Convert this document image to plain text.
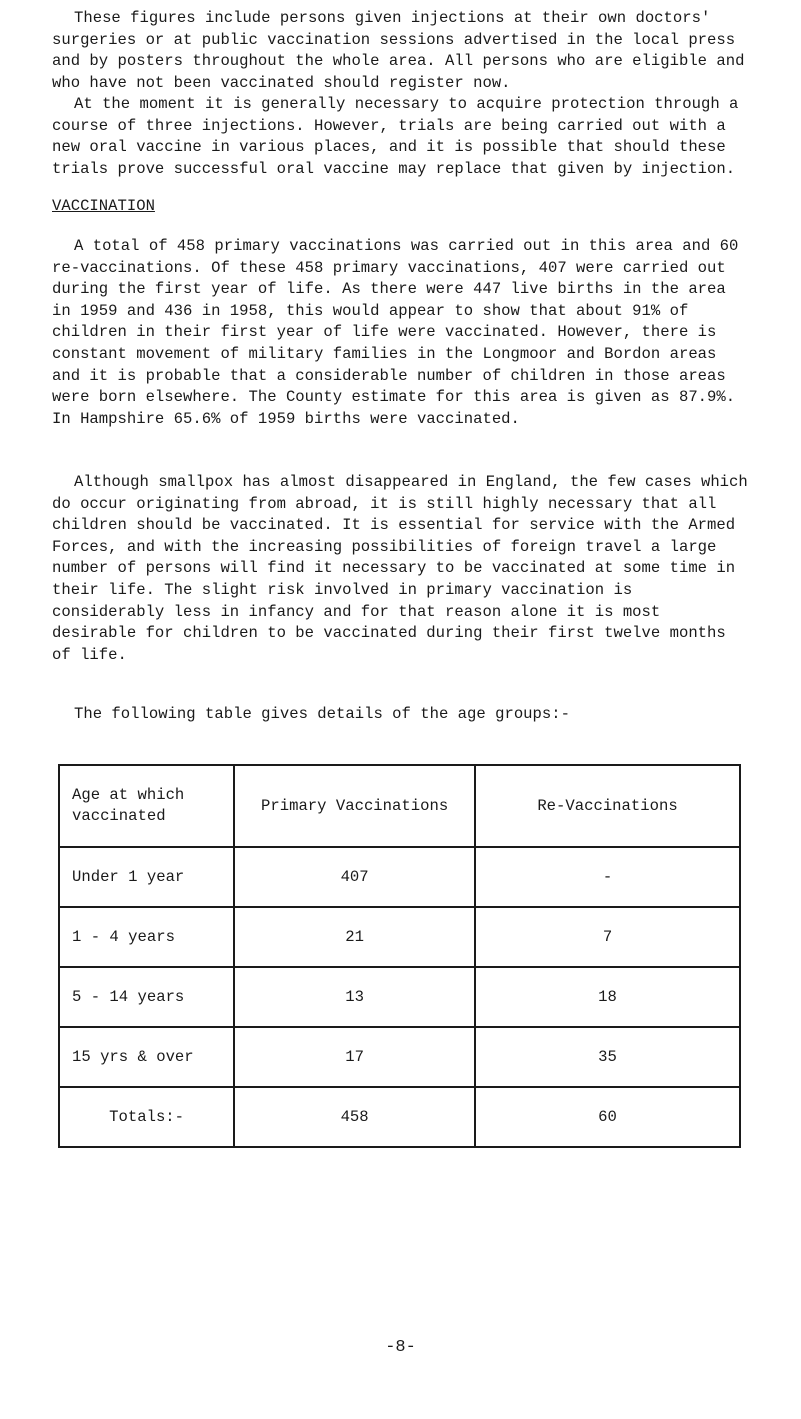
These figures include persons given injections at their own doctors' surgeries or at public vaccination sessions advertised in the local press and by posters throughout the whole area. All persons who are eligible and who have not been vaccinated should register now.

At the moment it is generally necessary to acquire protection through a course of three injections. However, trials are being carried out with a new oral vaccine in various places, and it is possible that should these trials prove successful oral vaccine may replace that given by injection.

VACCINATION

A total of 458 primary vaccinations was carried out in this area and 60 re-vaccinations. Of these 458 primary vaccinations, 407 were carried out during the first year of life. As there were 447 live births in the area in 1959 and 436 in 1958, this would appear to show that about 91% of children in their first year of life were vaccinated. However, there is constant movement of military families in the Longmoor and Bordon areas and it is probable that a considerable number of children in those areas were born elsewhere. The County estimate for this area is given as 87.9%. In Hampshire 65.6% of 1959 births were vaccinated.

Although smallpox has almost disappeared in England, the few cases which do occur originating from abroad, it is still highly necessary that all children should be vaccinated. It is essential for service with the Armed Forces, and with the increasing possibilities of foreign travel a large number of persons will find it necessary to be vaccinated at some time in their life. The slight risk involved in primary vaccination is considerably less in infancy and for that reason alone it is most desirable for children to be vaccinated during their first twelve months of life.

The following table gives details of the age groups:-

Age at which vaccinated	Primary Vaccinations	Re-Vaccinations
Under 1 year	407	-
1 - 4 years	21	7
5 - 14 years	13	18
15 yrs & over	17	35
Totals:-	458	60

-8-
